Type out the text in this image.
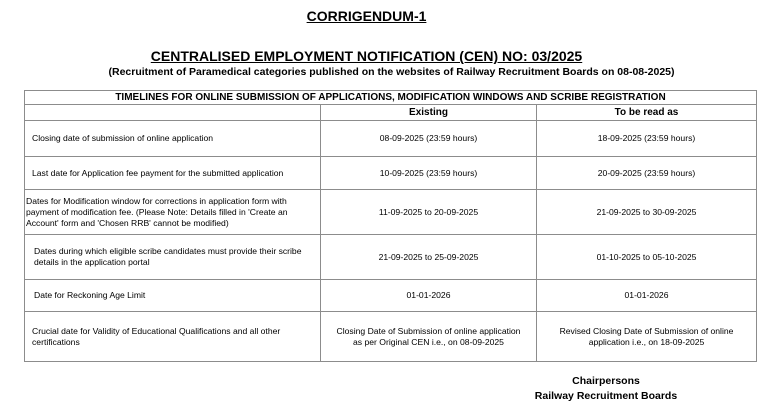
CORRIGENDUM-1
CENTRALISED EMPLOYMENT NOTIFICATION (CEN) NO: 03/2025
(Recruitment of Paramedical categories published on the websites of Railway Recruitment Boards on 08-08-2025)
TIMELINES FOR ONLINE SUBMISSION OF APPLICATIONS, MODIFICATION WINDOWS AND SCRIBE REGISTRATION		
	Existing	To be read as
Closing date of submission of online application	08-09-2025 (23:59 hours)	18-09-2025 (23:59 hours)
Last date for Application fee payment for the submitted application	10-09-2025 (23:59 hours)	20-09-2025 (23:59 hours)
Dates for Modification window for corrections in application form with payment of modification fee. (Please Note: Details filled in 'Create an Account' form and 'Chosen RRB' cannot be modified)	11-09-2025 to 20-09-2025	21-09-2025 to 30-09-2025
Dates during which eligible scribe candidates must provide their scribe details in the application portal	21-09-2025 to 25-09-2025	01-10-2025 to 05-10-2025
Date for Reckoning Age Limit	01-01-2026	01-01-2026
Crucial date for Validity of Educational Qualifications and all other certifications	Closing Date of Submission of online application as per Original CEN i.e., on 08-09-2025	Revised Closing Date of Submission of online application i.e., on 18-09-2025
Chairpersons
Railway Recruitment Boards
